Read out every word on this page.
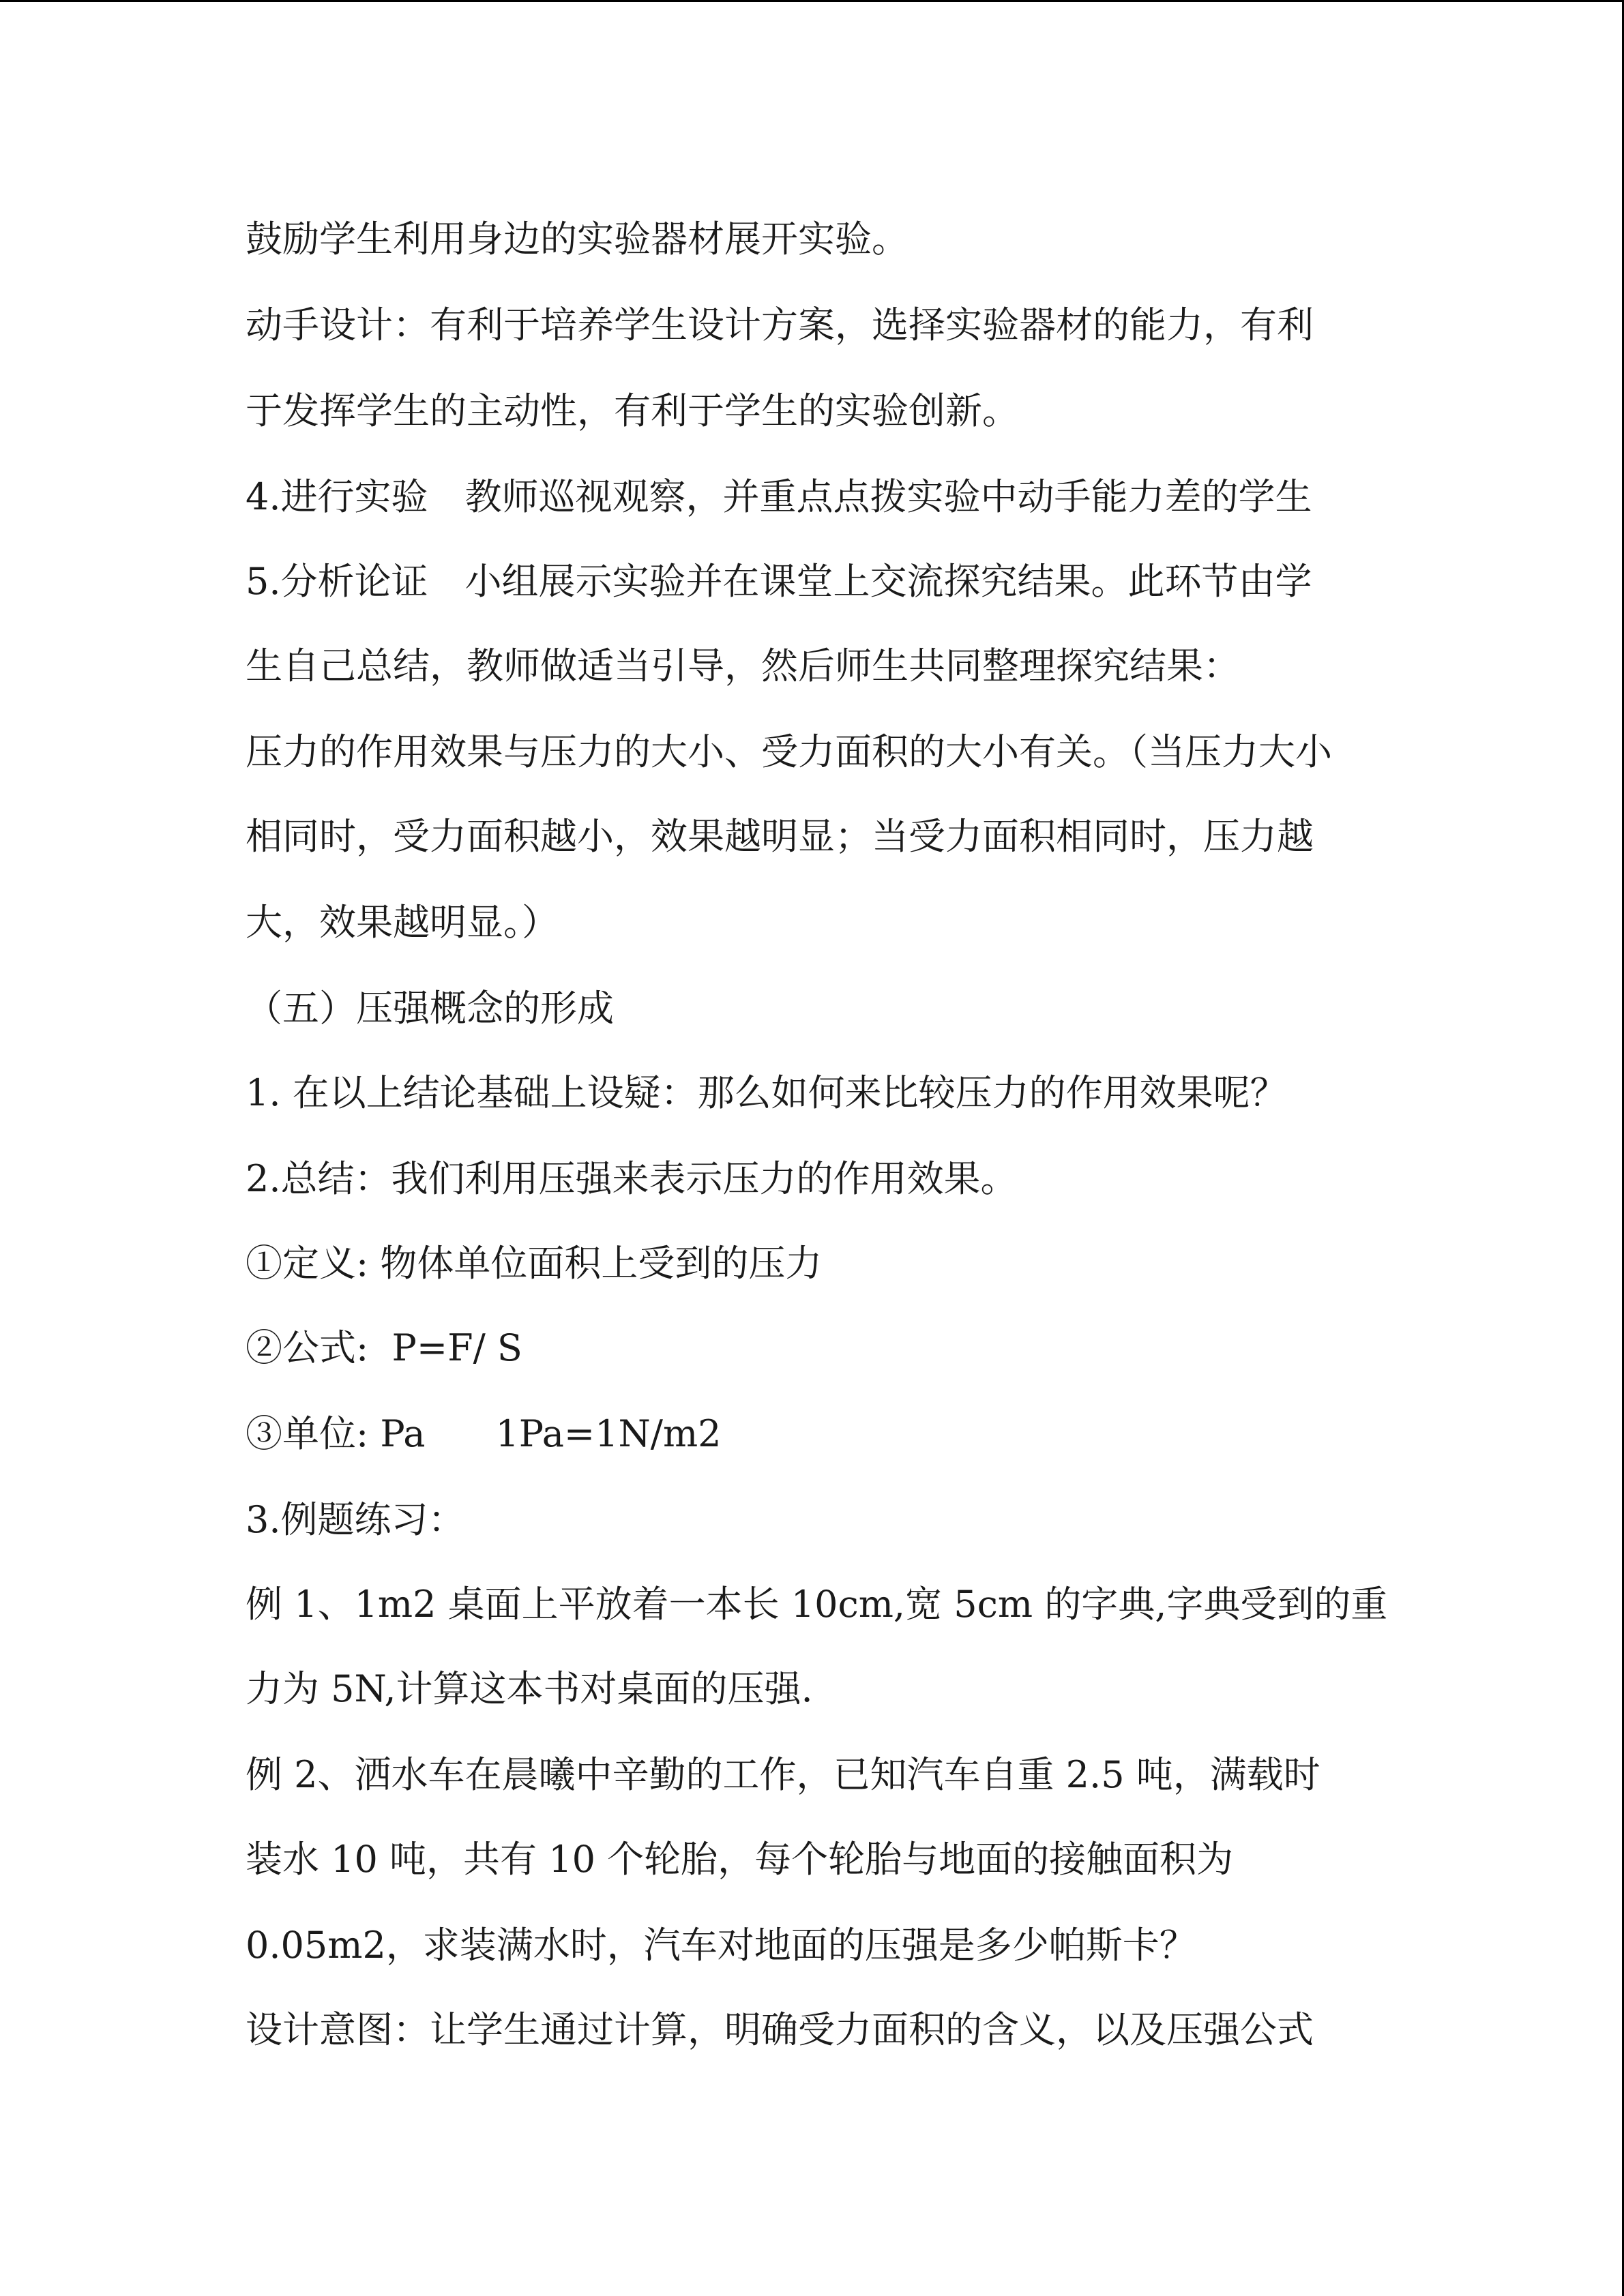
鼓励学生利用身边的实验器材展开实验。
动手设计：有利于培养学生设计方案，选择实验器材的能力，有利
于发挥学生的主动性，有利于学生的实验创新。
4.进行实验　教师巡视观察，并重点点拨实验中动手能力差的学生
5.分析论证　小组展示实验并在课堂上交流探究结果。此环节由学
生自己总结，教师做适当引导，然后师生共同整理探究结果：
压力的作用效果与压力的大小、受力面积的大小有关。（当压力大小
相同时，受力面积越小，效果越明显；当受力面积相同时，压力越
大，效果越明显。）
（五）压强概念的形成
1. 在以上结论基础上设疑：那么如何来比较压力的作用效果呢？
2.总结：我们利用压强来表示压力的作用效果。
①定义: 物体单位面积上受到的压力
②公式:  P=F/ S
③单位: Pa      1Pa=1N/m2
3.例题练习：
例 1、1m2 桌面上平放着一本长 10cm,宽 5cm 的字典,字典受到的重
力为 5N,计算这本书对桌面的压强.
例 2、洒水车在晨曦中辛勤的工作，已知汽车自重 2.5 吨，满载时
装水 10 吨，共有 10 个轮胎，每个轮胎与地面的接触面积为
0.05m2，求装满水时，汽车对地面的压强是多少帕斯卡？
设计意图：让学生通过计算，明确受力面积的含义，以及压强公式
